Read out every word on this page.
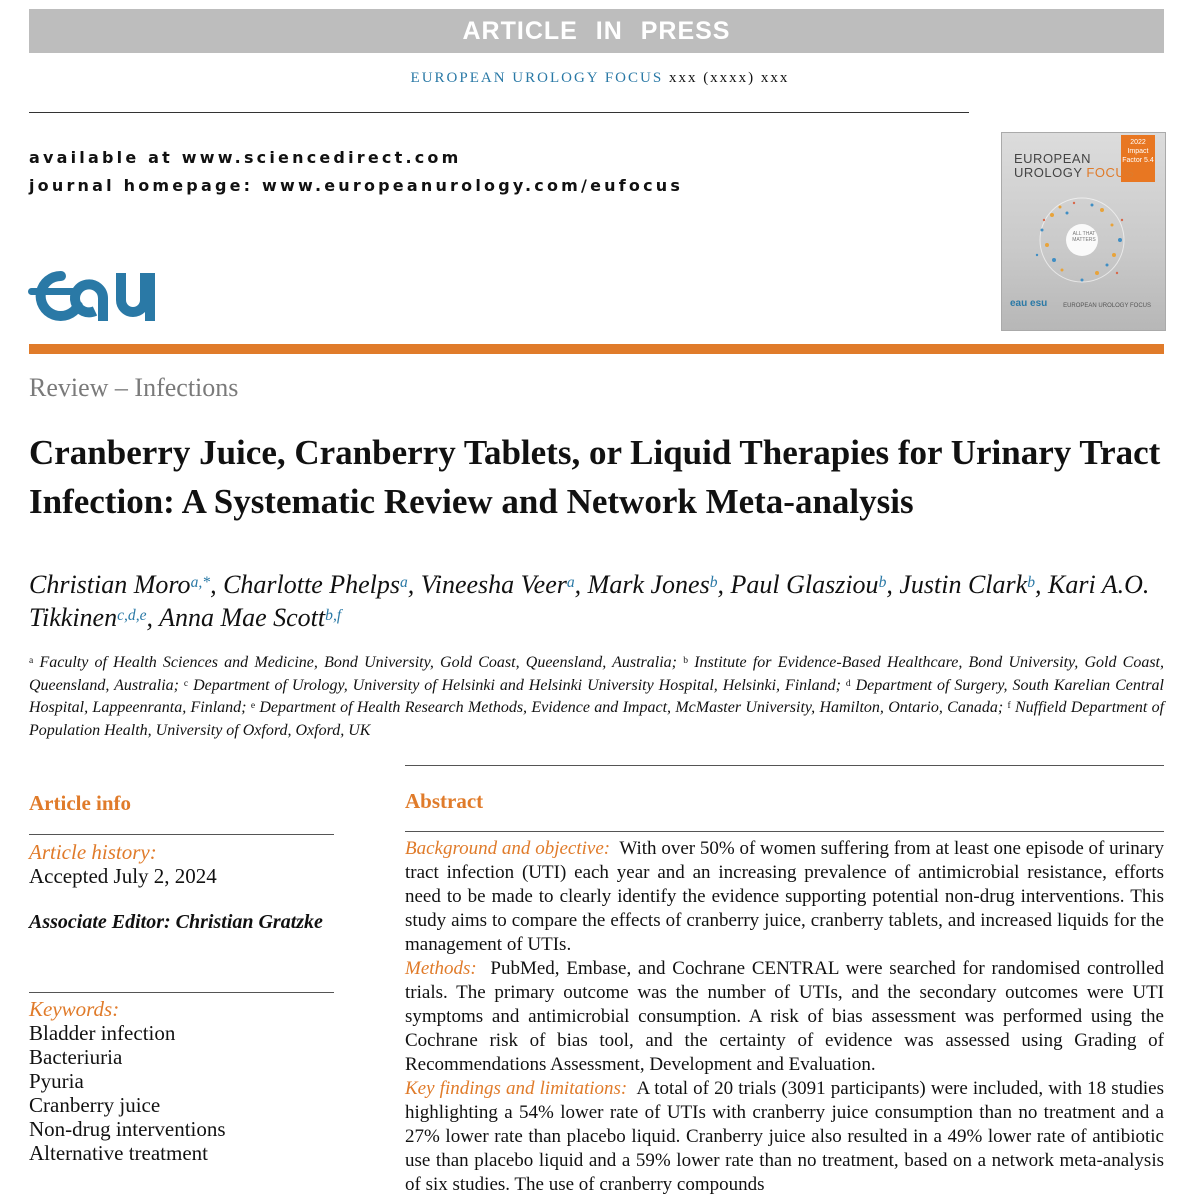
ARTICLE IN PRESS
EUROPEAN UROLOGY FOCUS xxx (xxxx) xxx
available at www.sciencedirect.com
journal homepage: www.europeanurology.com/eufocus
2022 Impact Factor 5.4
EUROPEAN
UROLOGY FOCUS
ALL THAT MATTERS
eau esu	EUROPEAN UROLOGY FOCUS
Review – Infections
Cranberry Juice, Cranberry Tablets, or Liquid Therapies for Urinary Tract Infection: A Systematic Review and Network Meta-analysis

Christian Moro$^{a,*}$, Charlotte Phelps$^a$, Vineesha Veer$^a$, Mark Jones$^b$, Paul Glasziou$^b$, Justin Clark$^b$, Kari A.O. Tikkinen$^{c,d,e}$, Anna Mae Scott$^{b,f}$

$^a$ Faculty of Health Sciences and Medicine, Bond University, Gold Coast, Queensland, Australia; $^b$ Institute for Evidence-Based Healthcare, Bond University, Gold Coast, Queensland, Australia; $^c$ Department of Urology, University of Helsinki and Helsinki University Hospital, Helsinki, Finland; $^d$ Department of Surgery, South Karelian Central Hospital, Lappeenranta, Finland; $^e$ Department of Health Research Methods, Evidence and Impact, McMaster University, Hamilton, Ontario, Canada; $^f$ Nuffield Department of Population Health, University of Oxford, Oxford, UK

Article info
Article history:
Accepted July 2, 2024
Associate Editor: Christian Gratzke
Keywords:
Bladder infection
Bacteriuria
Pyuria
Cranberry juice
Non-drug interventions
Alternative treatment
Abstract
Background and objective:  With over 50% of women suffering from at least one episode of urinary tract infection (UTI) each year and an increasing prevalence of antimicrobial resistance, efforts need to be made to clearly identify the evidence supporting potential non-drug interventions. This study aims to compare the effects of cranberry juice, cranberry tablets, and increased liquids for the management of UTIs.
Methods:  PubMed, Embase, and Cochrane CENTRAL were searched for randomised controlled trials. The primary outcome was the number of UTIs, and the secondary outcomes were UTI symptoms and antimicrobial consumption. A risk of bias assessment was performed using the Cochrane risk of bias tool, and the certainty of evidence was assessed using Grading of Recommendations Assessment, Development and Evaluation.
Key findings and limitations:  A total of 20 trials (3091 participants) were included, with 18 studies highlighting a 54% lower rate of UTIs with cranberry juice consumption than no treatment and a 27% lower rate than placebo liquid. Cranberry juice also resulted in a 49% lower rate of antibiotic use than placebo liquid and a 59% lower rate than no treatment, based on a network meta-analysis of six studies. The use of cranberry compounds
